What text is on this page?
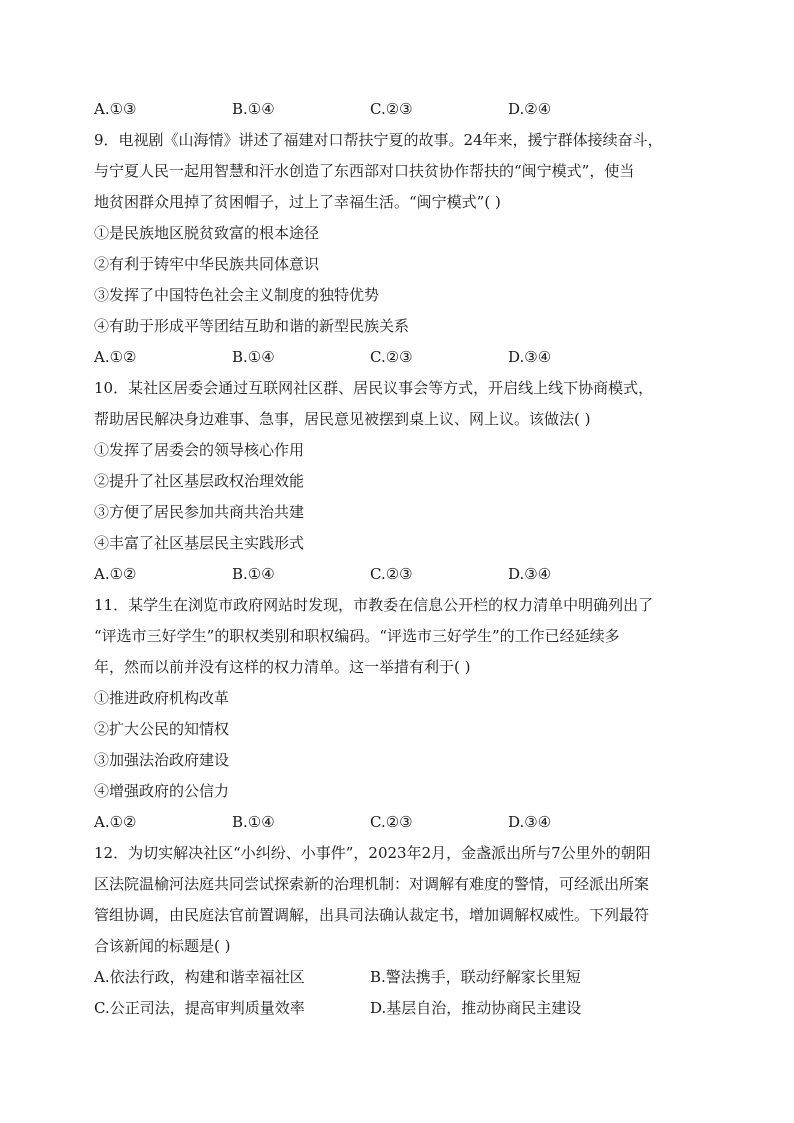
A.①③	B.①④	C.②③	D.②④
9．电视剧《山海情》讲述了福建对口帮扶宁夏的故事。24年来，援宁群体接续奋斗，
与宁夏人民一起用智慧和汗水创造了东西部对口扶贫协作帮扶的“闽宁模式”，使当
地贫困群众甩掉了贫困帽子，过上了幸福生活。“闽宁模式”( )
①是民族地区脱贫致富的根本途径
②有利于铸牢中华民族共同体意识
③发挥了中国特色社会主义制度的独特优势
④有助于形成平等团结互助和谐的新型民族关系
A.①②	B.①④	C.②③	D.③④
10．某社区居委会通过互联网社区群、居民议事会等方式，开启线上线下协商模式，
帮助居民解决身边难事、急事，居民意见被摆到桌上议、网上议。该做法( )
①发挥了居委会的领导核心作用
②提升了社区基层政权治理效能
③方便了居民参加共商共治共建
④丰富了社区基层民主实践形式
A.①②	B.①④	C.②③	D.③④
11．某学生在浏览市政府网站时发现，市教委在信息公开栏的权力清单中明确列出了
“评选市三好学生”的职权类别和职权编码。“评选市三好学生”的工作已经延续多
年，然而以前并没有这样的权力清单。这一举措有利于( )
①推进政府机构改革
②扩大公民的知情权
③加强法治政府建设
④增强政府的公信力
A.①②	B.①④	C.②③	D.③④
12．为切实解决社区“小纠纷、小事件”，2023年2月，金盏派出所与7公里外的朝阳
区法院温榆河法庭共同尝试探索新的治理机制：对调解有难度的警情，可经派出所案
管组协调，由民庭法官前置调解，出具司法确认裁定书，增加调解权威性。下列最符
合该新闻的标题是( )
A.依法行政，构建和谐幸福社区	B.警法携手，联动纾解家长里短
C.公正司法，提高审判质量效率	D.基层自治，推动协商民主建设
